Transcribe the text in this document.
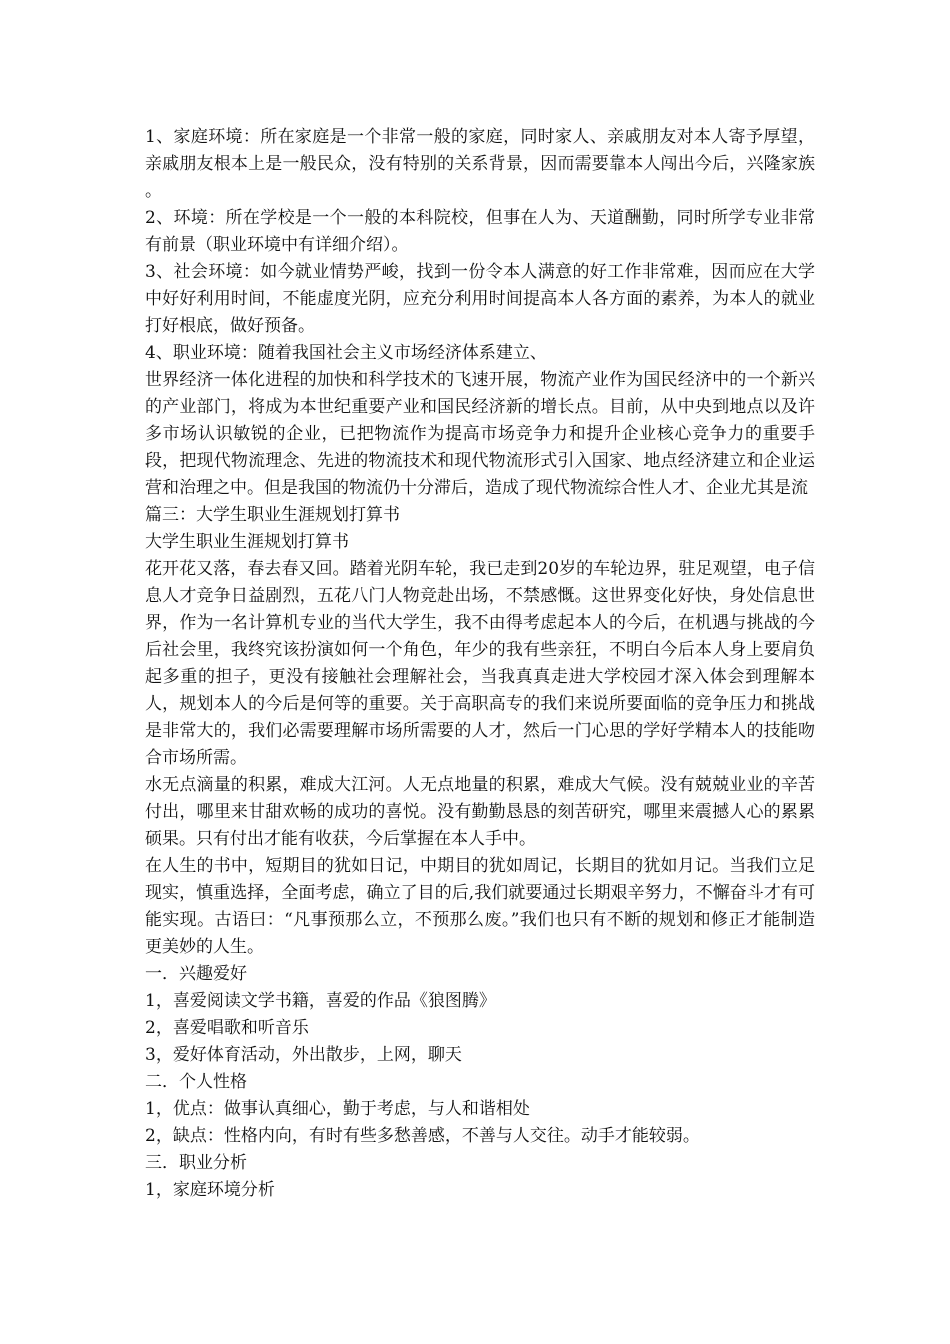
1、家庭环境：所在家庭是一个非常一般的家庭，同时家人、亲戚朋友对本人寄予厚望，亲戚朋友根本上是一般民众，没有特别的关系背景，因而需要靠本人闯出今后，兴隆家族 。

2、环境：所在学校是一个一般的本科院校，但事在人为、天道酬勤，同时所学专业非常有前景（职业环境中有详细介绍）。

3、社会环境：如今就业情势严峻，找到一份令本人满意的好工作非常难，因而应在大学中好好利用时间，不能虚度光阴，应充分利用时间提高本人各方面的素养，为本人的就业打好根底，做好预备。

4、职业环境：随着我国社会主义市场经济体系建立、

世界经济一体化进程的加快和科学技术的飞速开展，物流产业作为国民经济中的一个新兴的产业部门，将成为本世纪重要产业和国民经济新的增长点。目前，从中央到地点以及许多市场认识敏锐的企业，已把物流作为提高市场竞争力和提升企业核心竞争力的重要手段，把现代物流理念、先进的物流技术和现代物流形式引入国家、地点经济建立和企业运营和治理之中。但是我国的物流仍十分滞后，造成了现代物流综合性人才、企业尤其是流

篇三：大学生职业生涯规划打算书

大学生职业生涯规划打算书

花开花又落，春去春又回。踏着光阴车轮，我已走到20岁的车轮边界，驻足观望，电子信息人才竞争日益剧烈，五花八门人物竞赴出场，不禁感慨。这世界变化好快，身处信息世界，作为一名计算机专业的当代大学生，我不由得考虑起本人的今后，在机遇与挑战的今后社会里，我终究该扮演如何一个角色，年少的我有些亲狂，不明白今后本人身上要肩负起多重的担子，更没有接触社会理解社会，当我真真走进大学校园才深入体会到理解本人，规划本人的今后是何等的重要。关于高职高专的我们来说所要面临的竞争压力和挑战是非常大的，我们必需要理解市场所需要的人才，然后一门心思的学好学精本人的技能吻合市场所需。

水无点滴量的积累，难成大江河。人无点地量的积累，难成大气候。没有兢兢业业的辛苦付出，哪里来甘甜欢畅的成功的喜悦。没有勤勤恳恳的刻苦研究，哪里来震撼人心的累累硕果。只有付出才能有收获，今后掌握在本人手中。

在人生的书中，短期目的犹如日记，中期目的犹如周记，长期目的犹如月记。当我们立足现实，慎重选择，全面考虑，确立了目的后,我们就要通过长期艰辛努力，不懈奋斗才有可能实现。古语曰：“凡事预那么立，不预那么废。”我们也只有不断的规划和修正才能制造更美妙的人生。

一．兴趣爱好

1，喜爱阅读文学书籍，喜爱的作品《狼图腾》

2，喜爱唱歌和听音乐

3，爱好体育活动，外出散步，上网，聊天

二．个人性格

1，优点：做事认真细心，勤于考虑，与人和谐相处

2，缺点：性格内向，有时有些多愁善感，不善与人交往。动手才能较弱。

三．职业分析

1，家庭环境分析
